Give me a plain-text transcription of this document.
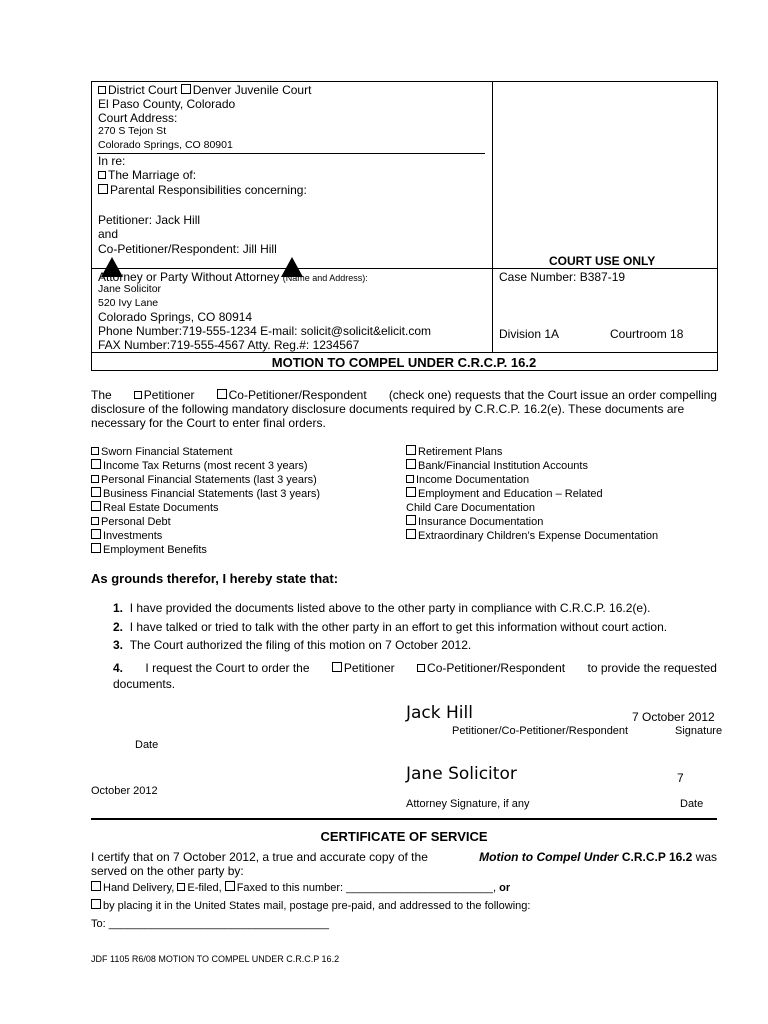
District Court Denver Juvenile Court
El Paso County, Colorado
Court Address:
270 S Tejon St
Colorado Springs, CO 80901
In re:
The Marriage of:
Parental Responsibilities concerning:
Petitioner: Jack Hill
and
Co-Petitioner/Respondent: Jill Hill
COURT USE ONLY
Attorney or Party Without Attorney (Name and Address):
Jane Solicitor
520 Ivy Lane
Colorado Springs, CO 80914
Phone Number:719-555-1234 E-mail: solicit@solicit&elicit.com
FAX Number:719-555-4567 Atty. Reg.#: 1234567
Case Number: B387-19
Division 1A	Courtroom 18
MOTION TO COMPEL UNDER C.R.C.P. 16.2
The	Petitioner	Co-Petitioner/Respondent (check one) requests that the Court issue an order compelling
disclosure of the following mandatory disclosure documents required by C.R.C.P. 16.2(e). These documents are
necessary for the Court to enter final orders.
Sworn Financial Statement
Income Tax Returns (most recent 3 years)
Personal Financial Statements (last 3 years)
Business Financial Statements (last 3 years)
Real Estate Documents
Personal Debt
Investments
Employment Benefits
Retirement Plans
Bank/Financial Institution Accounts
Income Documentation
Employment and Education – Related
Child Care Documentation
Insurance Documentation
Extraordinary Children’s Expense Documentation
As grounds therefor, I hereby state that:
1. I have provided the documents listed above to the other party in compliance with C.R.C.P. 16.2(e).
2. I have talked or tried to talk with the other party in an effort to get this information without court action.
3. The Court authorized the filing of this motion on 7 October 2012.
4. I request the Court to order the	Petitioner	Co-Petitioner/Respondent to provide the requested
documents.
Jack Hill	7 October 2012
Petitioner/Co-Petitioner/Respondent	Signature
Date
Jane Solicitor	7
October 2012
Attorney Signature, if any	Date
CERTIFICATE OF SERVICE
I certify that on 7 October 2012, a true and accurate copy of the	Motion to Compel Under C.R.C.P 16.2 was
served on the other party by:
Hand Delivery, E-filed, Faxed to this number: ________________________, or
by placing it in the United States mail, postage pre-paid, and addressed to the following:
To: ____________________________________
JDF 1105 R6/08 MOTION TO COMPEL UNDER C.R.C.P 16.2
